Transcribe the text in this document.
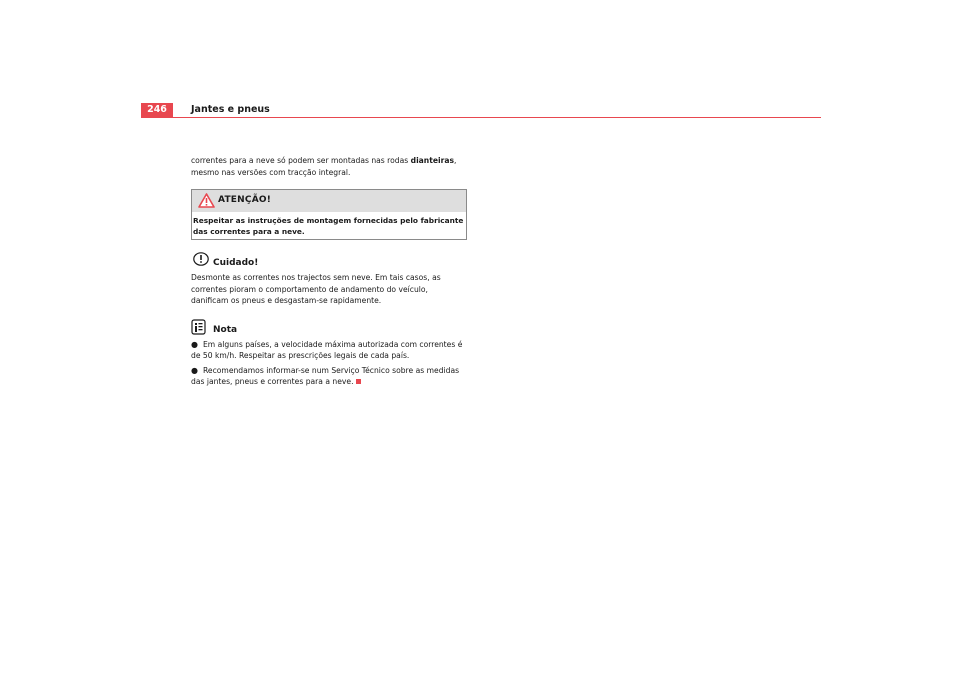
246	Jantes e pneus

correntes para a neve só podem ser montadas nas rodas dianteiras, mesmo nas versões com tracção integral.

ATENÇÃO!
Respeitar as instruções de montagem fornecidas pelo fabricante das correntes para a neve.
Cuidado!

Desmonte as correntes nos trajectos sem neve. Em tais casos, as correntes pioram o comportamento de andamento do veículo, danificam os pneus e desgastam-se rapidamente.

Nota

● Em alguns países, a velocidade máxima autorizada com correntes é de 50 km/h. Respeitar as prescrições legais de cada país.

● Recomendamos informar-se num Serviço Técnico sobre as medidas das jantes, pneus e correntes para a neve.
